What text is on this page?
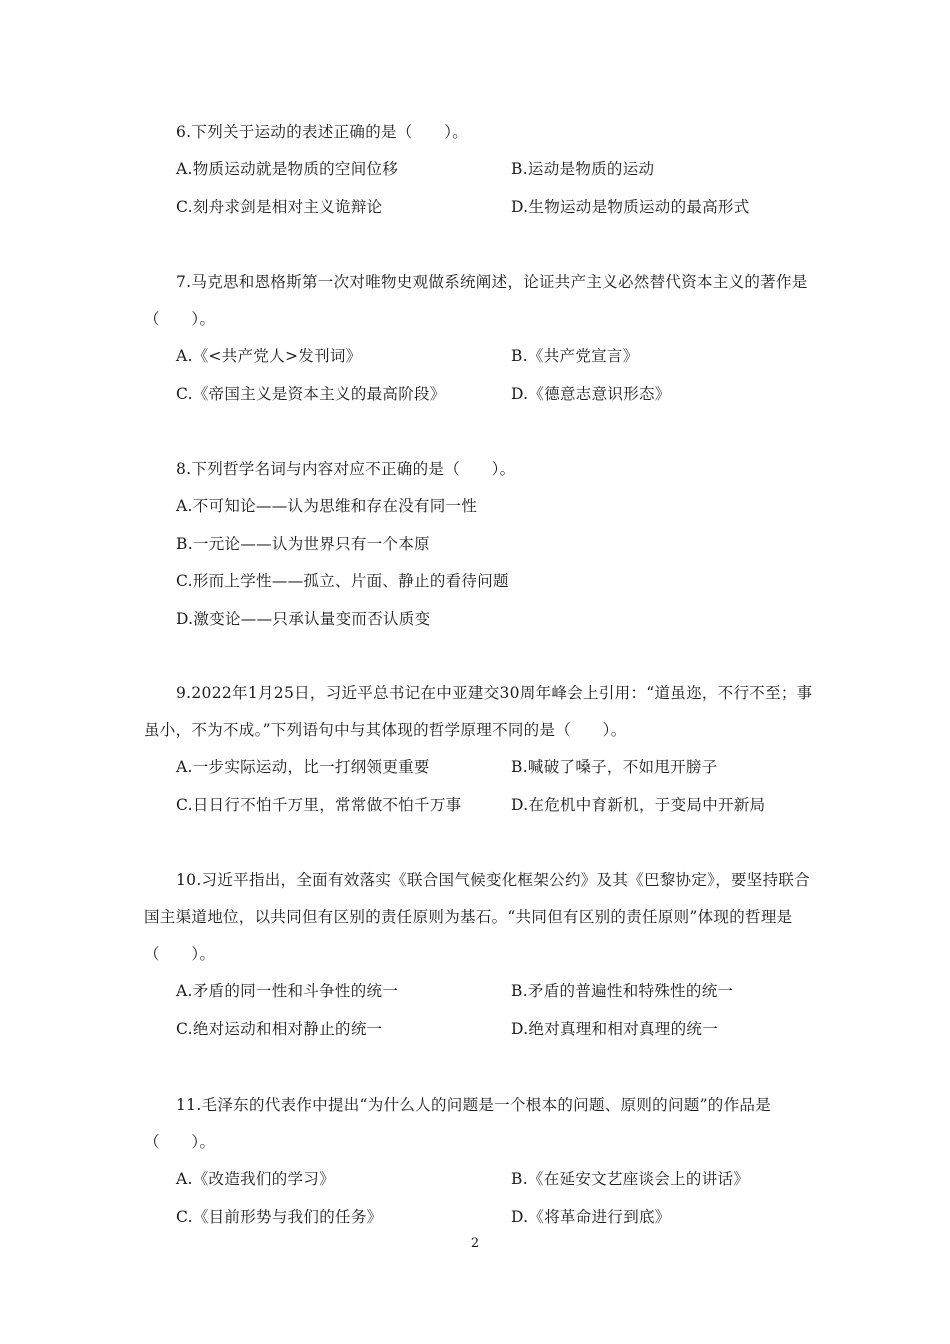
6.下列关于运动的表述正确的是（　　）。

A.物质运动就是物质的空间位移	B.运动是物质的运动
C.刻舟求剑是相对主义诡辩论	D.生物运动是物质运动的最高形式

7.马克思和恩格斯第一次对唯物史观做系统阐述，论证共产主义必然替代资本主义的著作是（　　）。

A.《<共产党人>发刊词》	B.《共产党宣言》
C.《帝国主义是资本主义的最高阶段》	D.《德意志意识形态》

8.下列哲学名词与内容对应不正确的是（　　）。

A.不可知论——认为思维和存在没有同一性
B.一元论——认为世界只有一个本原
C.形而上学性——孤立、片面、静止的看待问题
D.激变论——只承认量变而否认质变

9.2022年1月25日，习近平总书记在中亚建交30周年峰会上引用：“道虽迩，不行不至；事虽小，不为不成。”下列语句中与其体现的哲学原理不同的是（　　）。

A.一步实际运动，比一打纲领更重要	B.喊破了嗓子，不如甩开膀子
C.日日行不怕千万里，常常做不怕千万事	D.在危机中育新机，于变局中开新局

10.习近平指出，全面有效落实《联合国气候变化框架公约》及其《巴黎协定》，要坚持联合国主渠道地位，以共同但有区别的责任原则为基石。“共同但有区别的责任原则”体现的哲理是（　　）。

A.矛盾的同一性和斗争性的统一	B.矛盾的普遍性和特殊性的统一
C.绝对运动和相对静止的统一	D.绝对真理和相对真理的统一

11.毛泽东的代表作中提出“为什么人的问题是一个根本的问题、原则的问题”的作品是（　　）。

A.《改造我们的学习》	B.《在延安文艺座谈会上的讲话》
C.《目前形势与我们的任务》	D.《将革命进行到底》
2
